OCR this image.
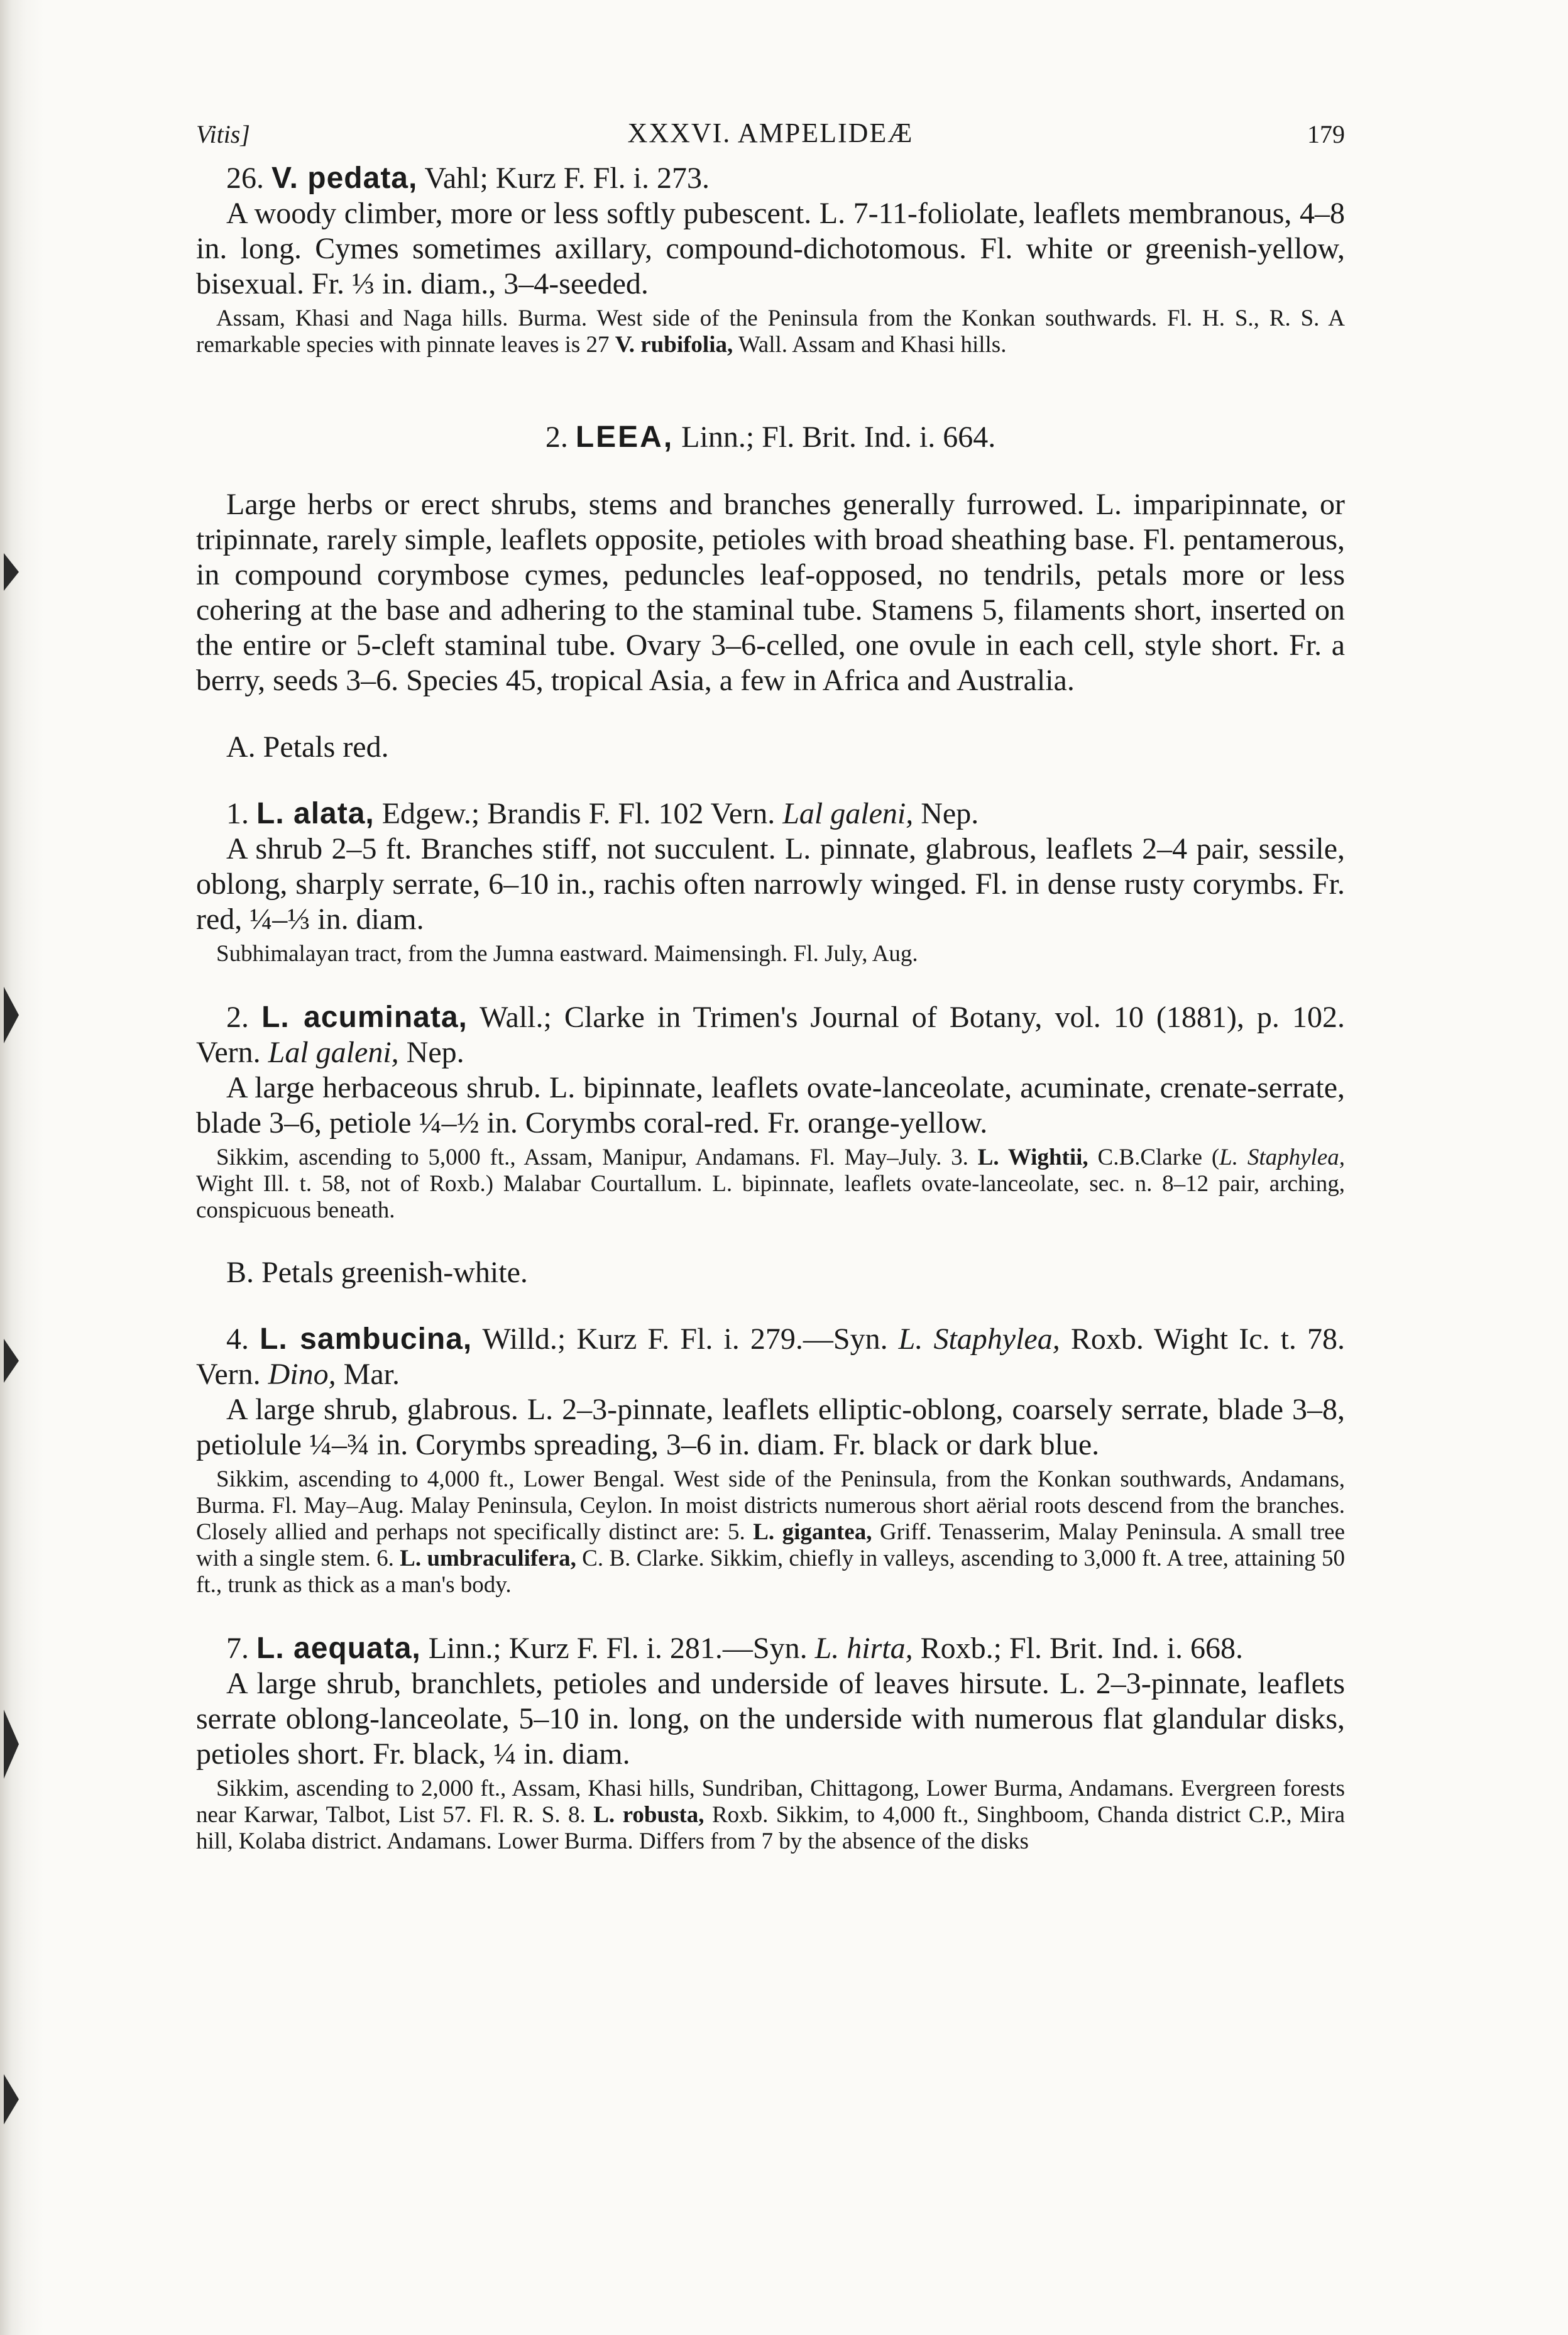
Vitis]	XXXVI. AMPELIDEÆ	179

26. V. pedata, Vahl; Kurz F. Fl. i. 273.

A woody climber, more or less softly pubescent. L. 7-11-foliolate, leaflets membranous, 4–8 in. long. Cymes sometimes axillary, compound-dichotomous. Fl. white or greenish-yellow, bisexual. Fr. ⅓ in. diam., 3–4-seeded.

Assam, Khasi and Naga hills. Burma. West side of the Peninsula from the Konkan southwards. Fl. H. S., R. S. A remarkable species with pinnate leaves is 27 V. rubifolia, Wall. Assam and Khasi hills.

2. LEEA, Linn.; Fl. Brit. Ind. i. 664.

Large herbs or erect shrubs, stems and branches generally furrowed. L. imparipinnate, or tripinnate, rarely simple, leaflets opposite, petioles with broad sheathing base. Fl. pentamerous, in compound corymbose cymes, peduncles leaf-opposed, no tendrils, petals more or less cohering at the base and adhering to the staminal tube. Stamens 5, filaments short, inserted on the entire or 5-cleft staminal tube. Ovary 3–6-celled, one ovule in each cell, style short. Fr. a berry, seeds 3–6. Species 45, tropical Asia, a few in Africa and Australia.

A. Petals red.

1. L. alata, Edgew.; Brandis F. Fl. 102 Vern. Lal galeni, Nep.

A shrub 2–5 ft. Branches stiff, not succulent. L. pinnate, glabrous, leaflets 2–4 pair, sessile, oblong, sharply serrate, 6–10 in., rachis often narrowly winged. Fl. in dense rusty corymbs. Fr. red, ¼–⅓ in. diam.

Subhimalayan tract, from the Jumna eastward. Maimensingh. Fl. July, Aug.

2. L. acuminata, Wall.; Clarke in Trimen's Journal of Botany, vol. 10 (1881), p. 102. Vern. Lal galeni, Nep.

A large herbaceous shrub. L. bipinnate, leaflets ovate-lanceolate, acuminate, crenate-serrate, blade 3–6, petiole ¼–½ in. Corymbs coral-red. Fr. orange-yellow.

Sikkim, ascending to 5,000 ft., Assam, Manipur, Andamans. Fl. May–July. 3. L. Wightii, C.B.Clarke (L. Staphylea, Wight Ill. t. 58, not of Roxb.) Malabar Courtallum. L. bipinnate, leaflets ovate-lanceolate, sec. n. 8–12 pair, arching, conspicuous beneath.

B. Petals greenish-white.

4. L. sambucina, Willd.; Kurz F. Fl. i. 279.—Syn. L. Staphylea, Roxb. Wight Ic. t. 78. Vern. Dino, Mar.

A large shrub, glabrous. L. 2–3-pinnate, leaflets elliptic-oblong, coarsely serrate, blade 3–8, petiolule ¼–¾ in. Corymbs spreading, 3–6 in. diam. Fr. black or dark blue.

Sikkim, ascending to 4,000 ft., Lower Bengal. West side of the Peninsula, from the Konkan southwards, Andamans, Burma. Fl. May–Aug. Malay Peninsula, Ceylon. In moist districts numerous short aërial roots descend from the branches. Closely allied and perhaps not specifically distinct are: 5. L. gigantea, Griff. Tenasserim, Malay Peninsula. A small tree with a single stem. 6. L. umbraculifera, C. B. Clarke. Sikkim, chiefly in valleys, ascending to 3,000 ft. A tree, attaining 50 ft., trunk as thick as a man's body.

7. L. aequata, Linn.; Kurz F. Fl. i. 281.—Syn. L. hirta, Roxb.; Fl. Brit. Ind. i. 668.

A large shrub, branchlets, petioles and underside of leaves hirsute. L. 2–3-pinnate, leaflets serrate oblong-lanceolate, 5–10 in. long, on the underside with numerous flat glandular disks, petioles short. Fr. black, ¼ in. diam.

Sikkim, ascending to 2,000 ft., Assam, Khasi hills, Sundriban, Chittagong, Lower Burma, Andamans. Evergreen forests near Karwar, Talbot, List 57. Fl. R. S. 8. L. robusta, Roxb. Sikkim, to 4,000 ft., Singhboom, Chanda district C.P., Mira hill, Kolaba district. Andamans. Lower Burma. Differs from 7 by the absence of the disks
